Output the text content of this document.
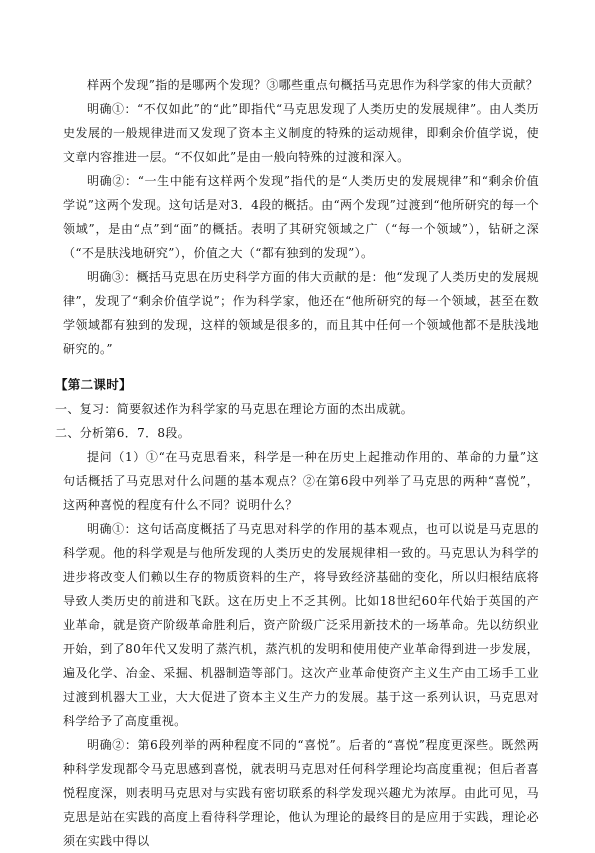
样两个发现”指的是哪两个发现？③哪些重点句概括马克思作为科学家的伟大贡献？

明确①：“不仅如此”的“此”即指代“马克思发现了人类历史的发展规律”。由人类历史发展的一般规律进而又发现了资本主义制度的特殊的运动规律，即剩余价值学说，使文章内容推进一层。“不仅如此”是由一般向特殊的过渡和深入。

明确②：“一生中能有这样两个发现”指代的是“人类历史的发展规律”和“剩余价值学说”这两个发现。这句话是对3．4段的概括。由“两个发现”过渡到“他所研究的每一个领域”，是由“点”到“面”的概括。表明了其研究领域之广（“每一个领域”），钻研之深（“不是肤浅地研究”），价值之大（“都有独到的发现”）。

明确③：概括马克思在历史科学方面的伟大贡献的是：他“发现了人类历史的发展规律”，发现了“剩余价值学说”；作为科学家，他还在“他所研究的每一个领域，甚至在数学领域都有独到的发现，这样的领域是很多的，而且其中任何一个领域他都不是肤浅地研究的。”

【第二课时】

一、复习：简要叙述作为科学家的马克思在理论方面的杰出成就。

二、分析第6．7．8段。

提问（1）①“在马克思看来，科学是一种在历史上起推动作用的、革命的力量”这句话概括了马克思对什么问题的基本观点？②在第6段中列举了马克思的两种“喜悦”，这两种喜悦的程度有什么不同？说明什么？

明确①：这句话高度概括了马克思对科学的作用的基本观点，也可以说是马克思的科学观。他的科学观是与他所发现的人类历史的发展规律相一致的。马克思认为科学的进步将改变人们赖以生存的物质资料的生产，将导致经济基础的变化，所以归根结底将导致人类历史的前进和飞跃。这在历史上不乏其例。比如18世纪60年代始于英国的产业革命，就是资产阶级革命胜利后，资产阶级广泛采用新技术的一场革命。先以纺织业开始，到了80年代又发明了蒸汽机，蒸汽机的发明和使用使产业革命得到进一步发展，遍及化学、冶金、采掘、机器制造等部门。这次产业革命使资产主义生产由工场手工业过渡到机器大工业，大大促进了资本主义生产力的发展。基于这一系列认识，马克思对科学给予了高度重视。

明确②：第6段列举的两种程度不同的“喜悦”。后者的“喜悦”程度更深些。既然两种科学发现都令马克思感到喜悦，就表明马克思对任何科学理论均高度重视；但后者喜悦程度深，则表明马克思对与实践有密切联系的科学发现兴趣尤为浓厚。由此可见，马克思是站在实践的高度上看待科学理论，他认为理论的最终目的是应用于实践，理论必须在实践中得以
